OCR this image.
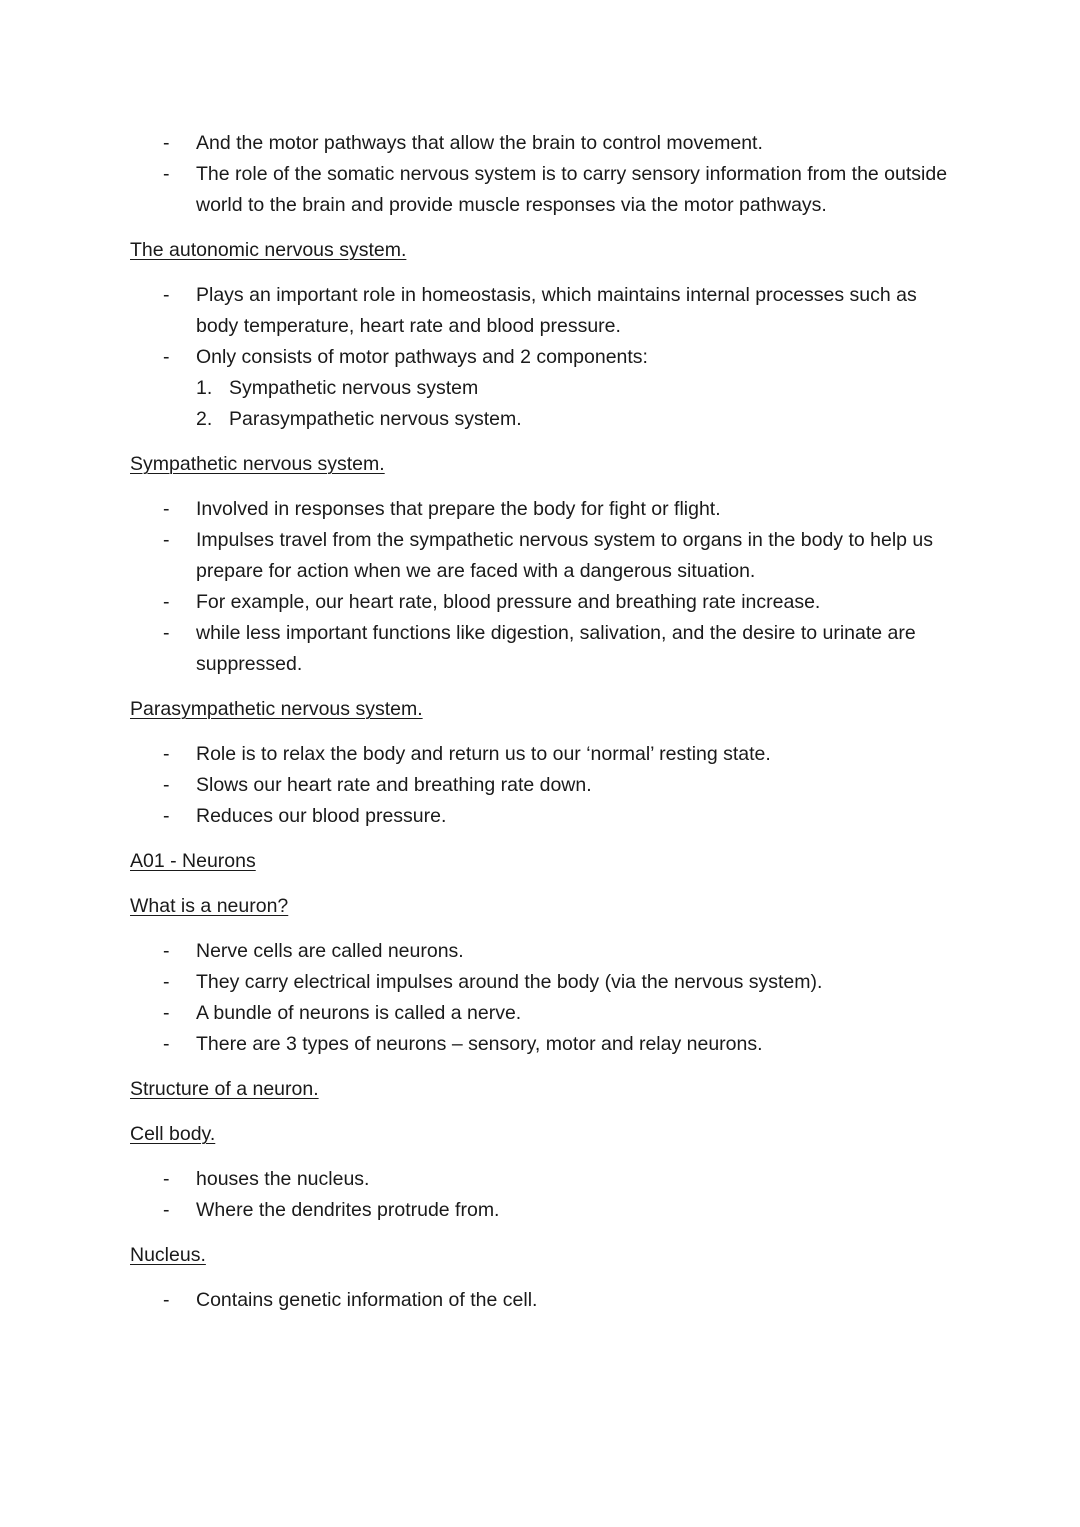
- And the motor pathways that allow the brain to control movement.
- The role of the somatic nervous system is to carry sensory information from the outside world to the brain and provide muscle responses via the motor pathways.
The autonomic nervous system.
- Plays an important role in homeostasis, which maintains internal processes such as body temperature, heart rate and blood pressure.
- Only consists of motor pathways and 2 components:
1. Sympathetic nervous system
2. Parasympathetic nervous system.
Sympathetic nervous system.
- Involved in responses that prepare the body for fight or flight.
- Impulses travel from the sympathetic nervous system to organs in the body to help us prepare for action when we are faced with a dangerous situation.
- For example, our heart rate, blood pressure and breathing rate increase.
- while less important functions like digestion, salivation, and the desire to urinate are suppressed.
Parasympathetic nervous system.
- Role is to relax the body and return us to our ‘normal’ resting state.
- Slows our heart rate and breathing rate down.
- Reduces our blood pressure.
A01 - Neurons
What is a neuron?
- Nerve cells are called neurons.
- They carry electrical impulses around the body (via the nervous system).
- A bundle of neurons is called a nerve.
- There are 3 types of neurons – sensory, motor and relay neurons.
Structure of a neuron.
Cell body.
- houses the nucleus.
- Where the dendrites protrude from.
Nucleus.
- Contains genetic information of the cell.
